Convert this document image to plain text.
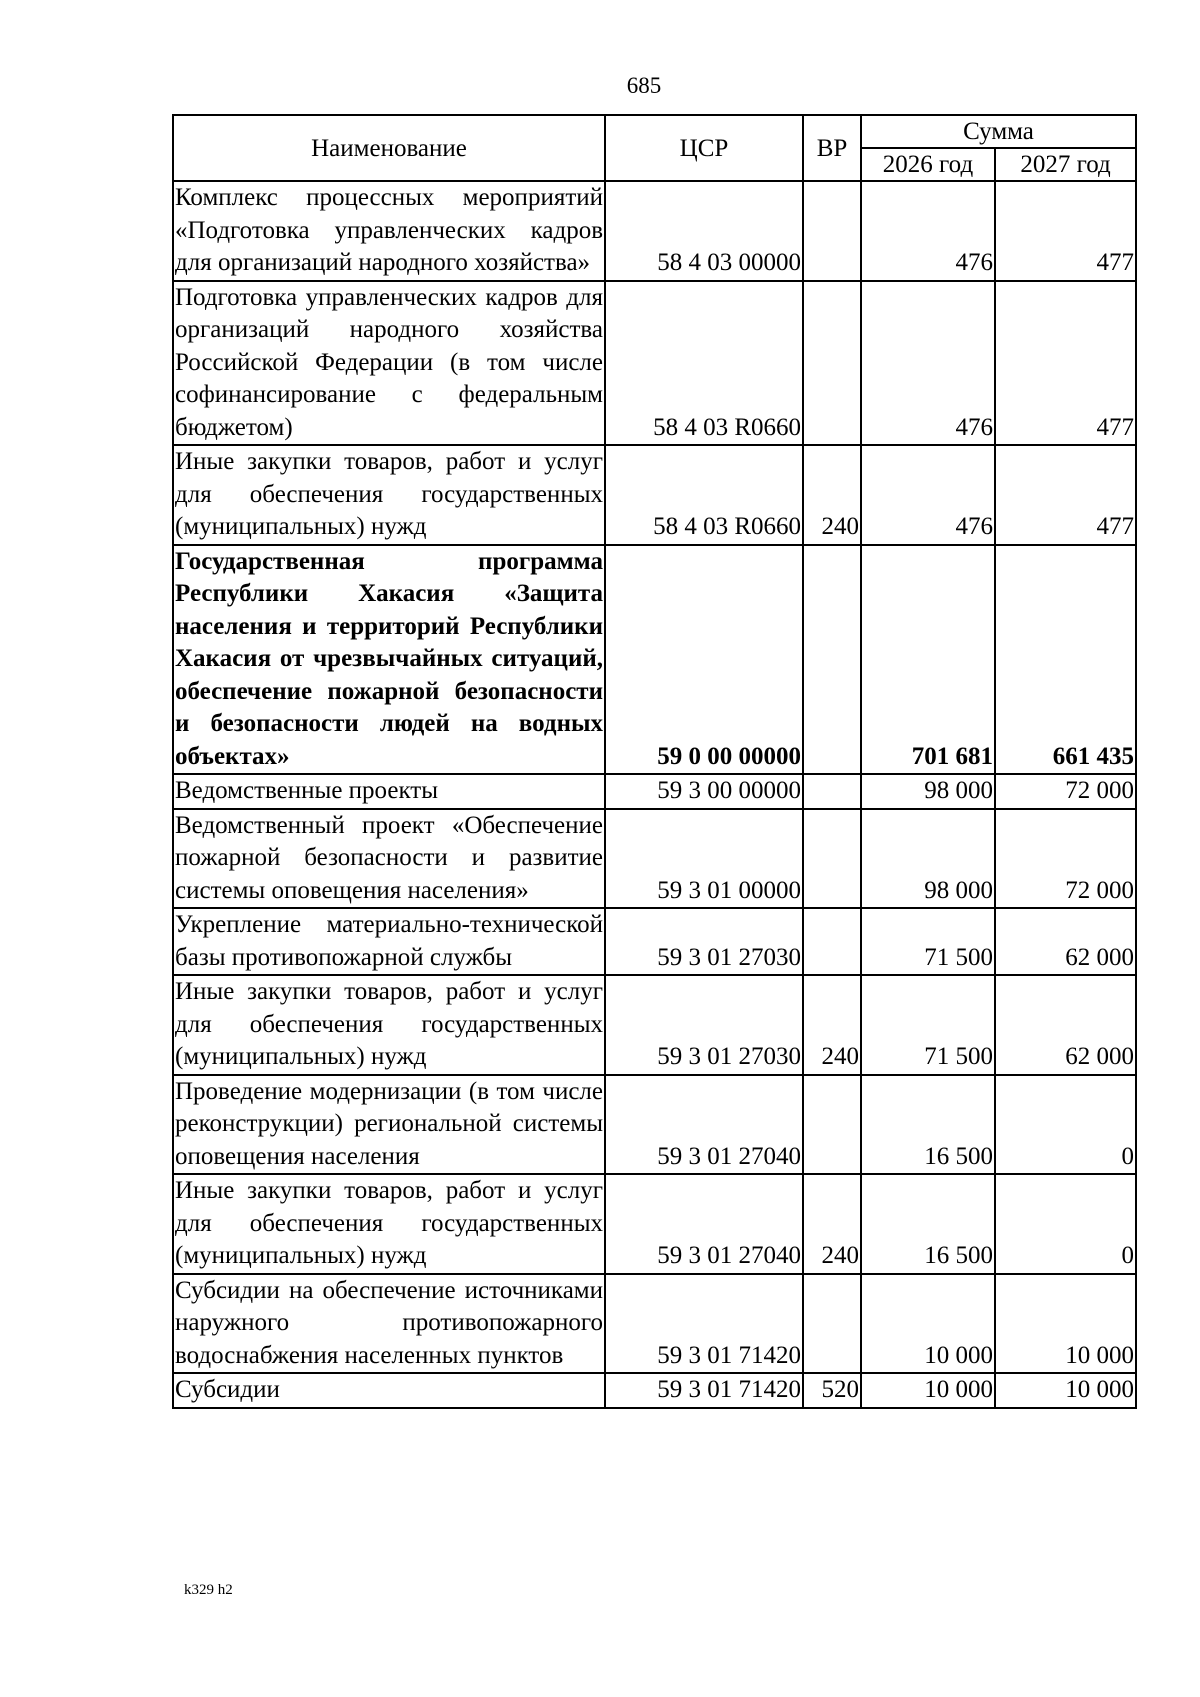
685
Наименование	ЦСР	ВР	Сумма	
			2026 год	2027 год
Комплекс процессных мероприятий «Подготовка управленческих кадров для организаций народного хозяйства»	58 4 03 00000		476	477
Подготовка управленческих кадров для организаций народного хозяйства Российской Федерации (в том числе софинансирование с федеральным бюджетом)	58 4 03 R0660		476	477
Иные закупки товаров, работ и услуг для обеспечения государственных (муниципальных) нужд	58 4 03 R0660	240	476	477
Государственная программа Республики Хакасия «Защита населения и территорий Республики Хакасия от чрезвычайных ситуаций, обеспечение пожарной безопасности и безопасности людей на водных объектах»	59 0 00 00000		701 681	661 435
Ведомственные проекты	59 3 00 00000		98 000	72 000
Ведомственный проект «Обеспечение пожарной безопасности и развитие системы оповещения населения»	59 3 01 00000		98 000	72 000
Укрепление материально-технической базы противопожарной службы	59 3 01 27030		71 500	62 000
Иные закупки товаров, работ и услуг для обеспечения государственных (муниципальных) нужд	59 3 01 27030	240	71 500	62 000
Проведение модернизации (в том числе реконструкции) региональной системы оповещения населения	59 3 01 27040		16 500	0
Иные закупки товаров, работ и услуг для обеспечения государственных (муниципальных) нужд	59 3 01 27040	240	16 500	0
Субсидии на обеспечение источниками наружного противопожарного водоснабжения населенных пунктов	59 3 01 71420		10 000	10 000
Субсидии	59 3 01 71420	520	10 000	10 000
k329 h2
